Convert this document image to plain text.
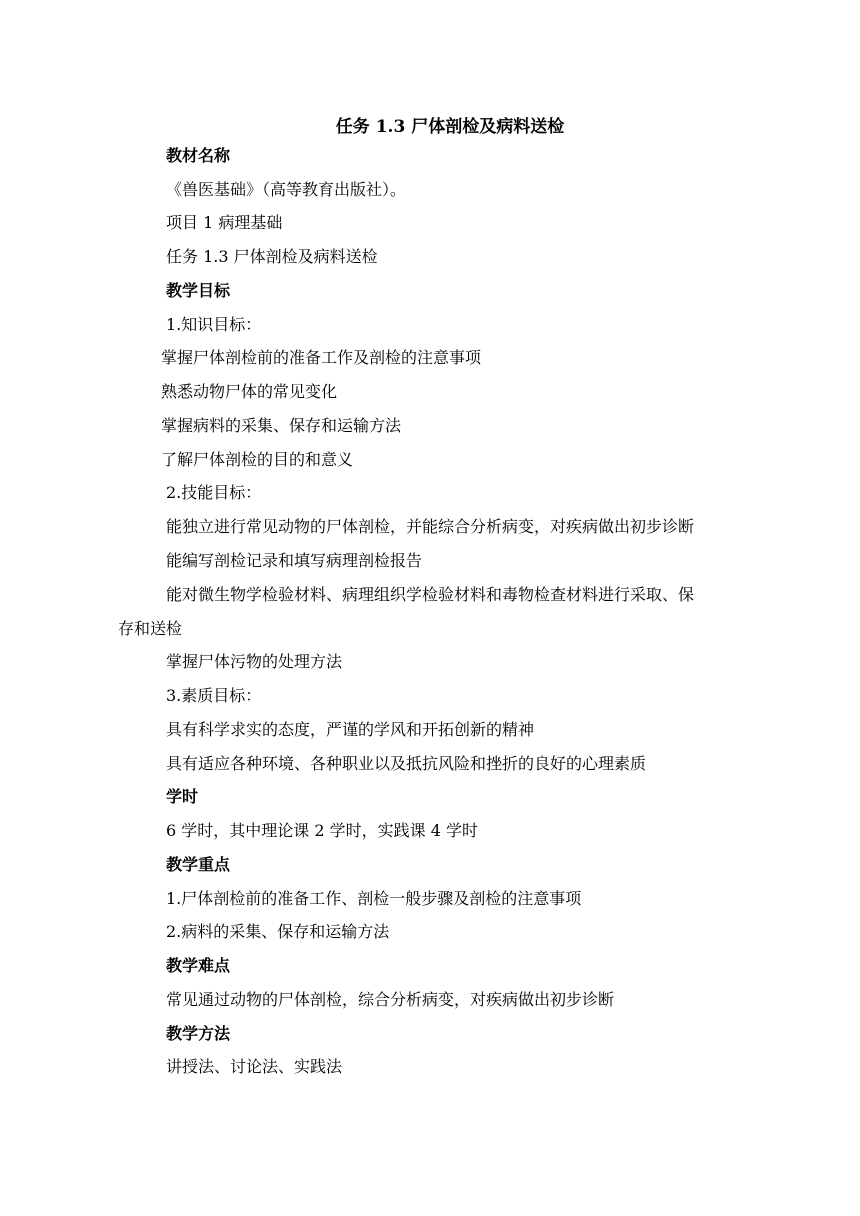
任务 1.3 尸体剖检及病料送检
教材名称
《兽医基础》（高等教育出版社）。
项目 1 病理基础
任务 1.3 尸体剖检及病料送检
教学目标
1.知识目标：
掌握尸体剖检前的准备工作及剖检的注意事项
熟悉动物尸体的常见变化
掌握病料的采集、保存和运输方法
了解尸体剖检的目的和意义
2.技能目标：
能独立进行常见动物的尸体剖检，并能综合分析病变，对疾病做出初步诊断
能编写剖检记录和填写病理剖检报告
能对微生物学检验材料、病理组织学检验材料和毒物检查材料进行采取、保
存和送检
掌握尸体污物的处理方法
3.素质目标：
具有科学求实的态度，严谨的学风和开拓创新的精神
具有适应各种环境、各种职业以及抵抗风险和挫折的良好的心理素质
学时
6 学时，其中理论课 2 学时，实践课 4 学时
教学重点
1.尸体剖检前的准备工作、剖检一般步骤及剖检的注意事项
2.病料的采集、保存和运输方法
教学难点
常见通过动物的尸体剖检，综合分析病变，对疾病做出初步诊断
教学方法
讲授法、讨论法、实践法
